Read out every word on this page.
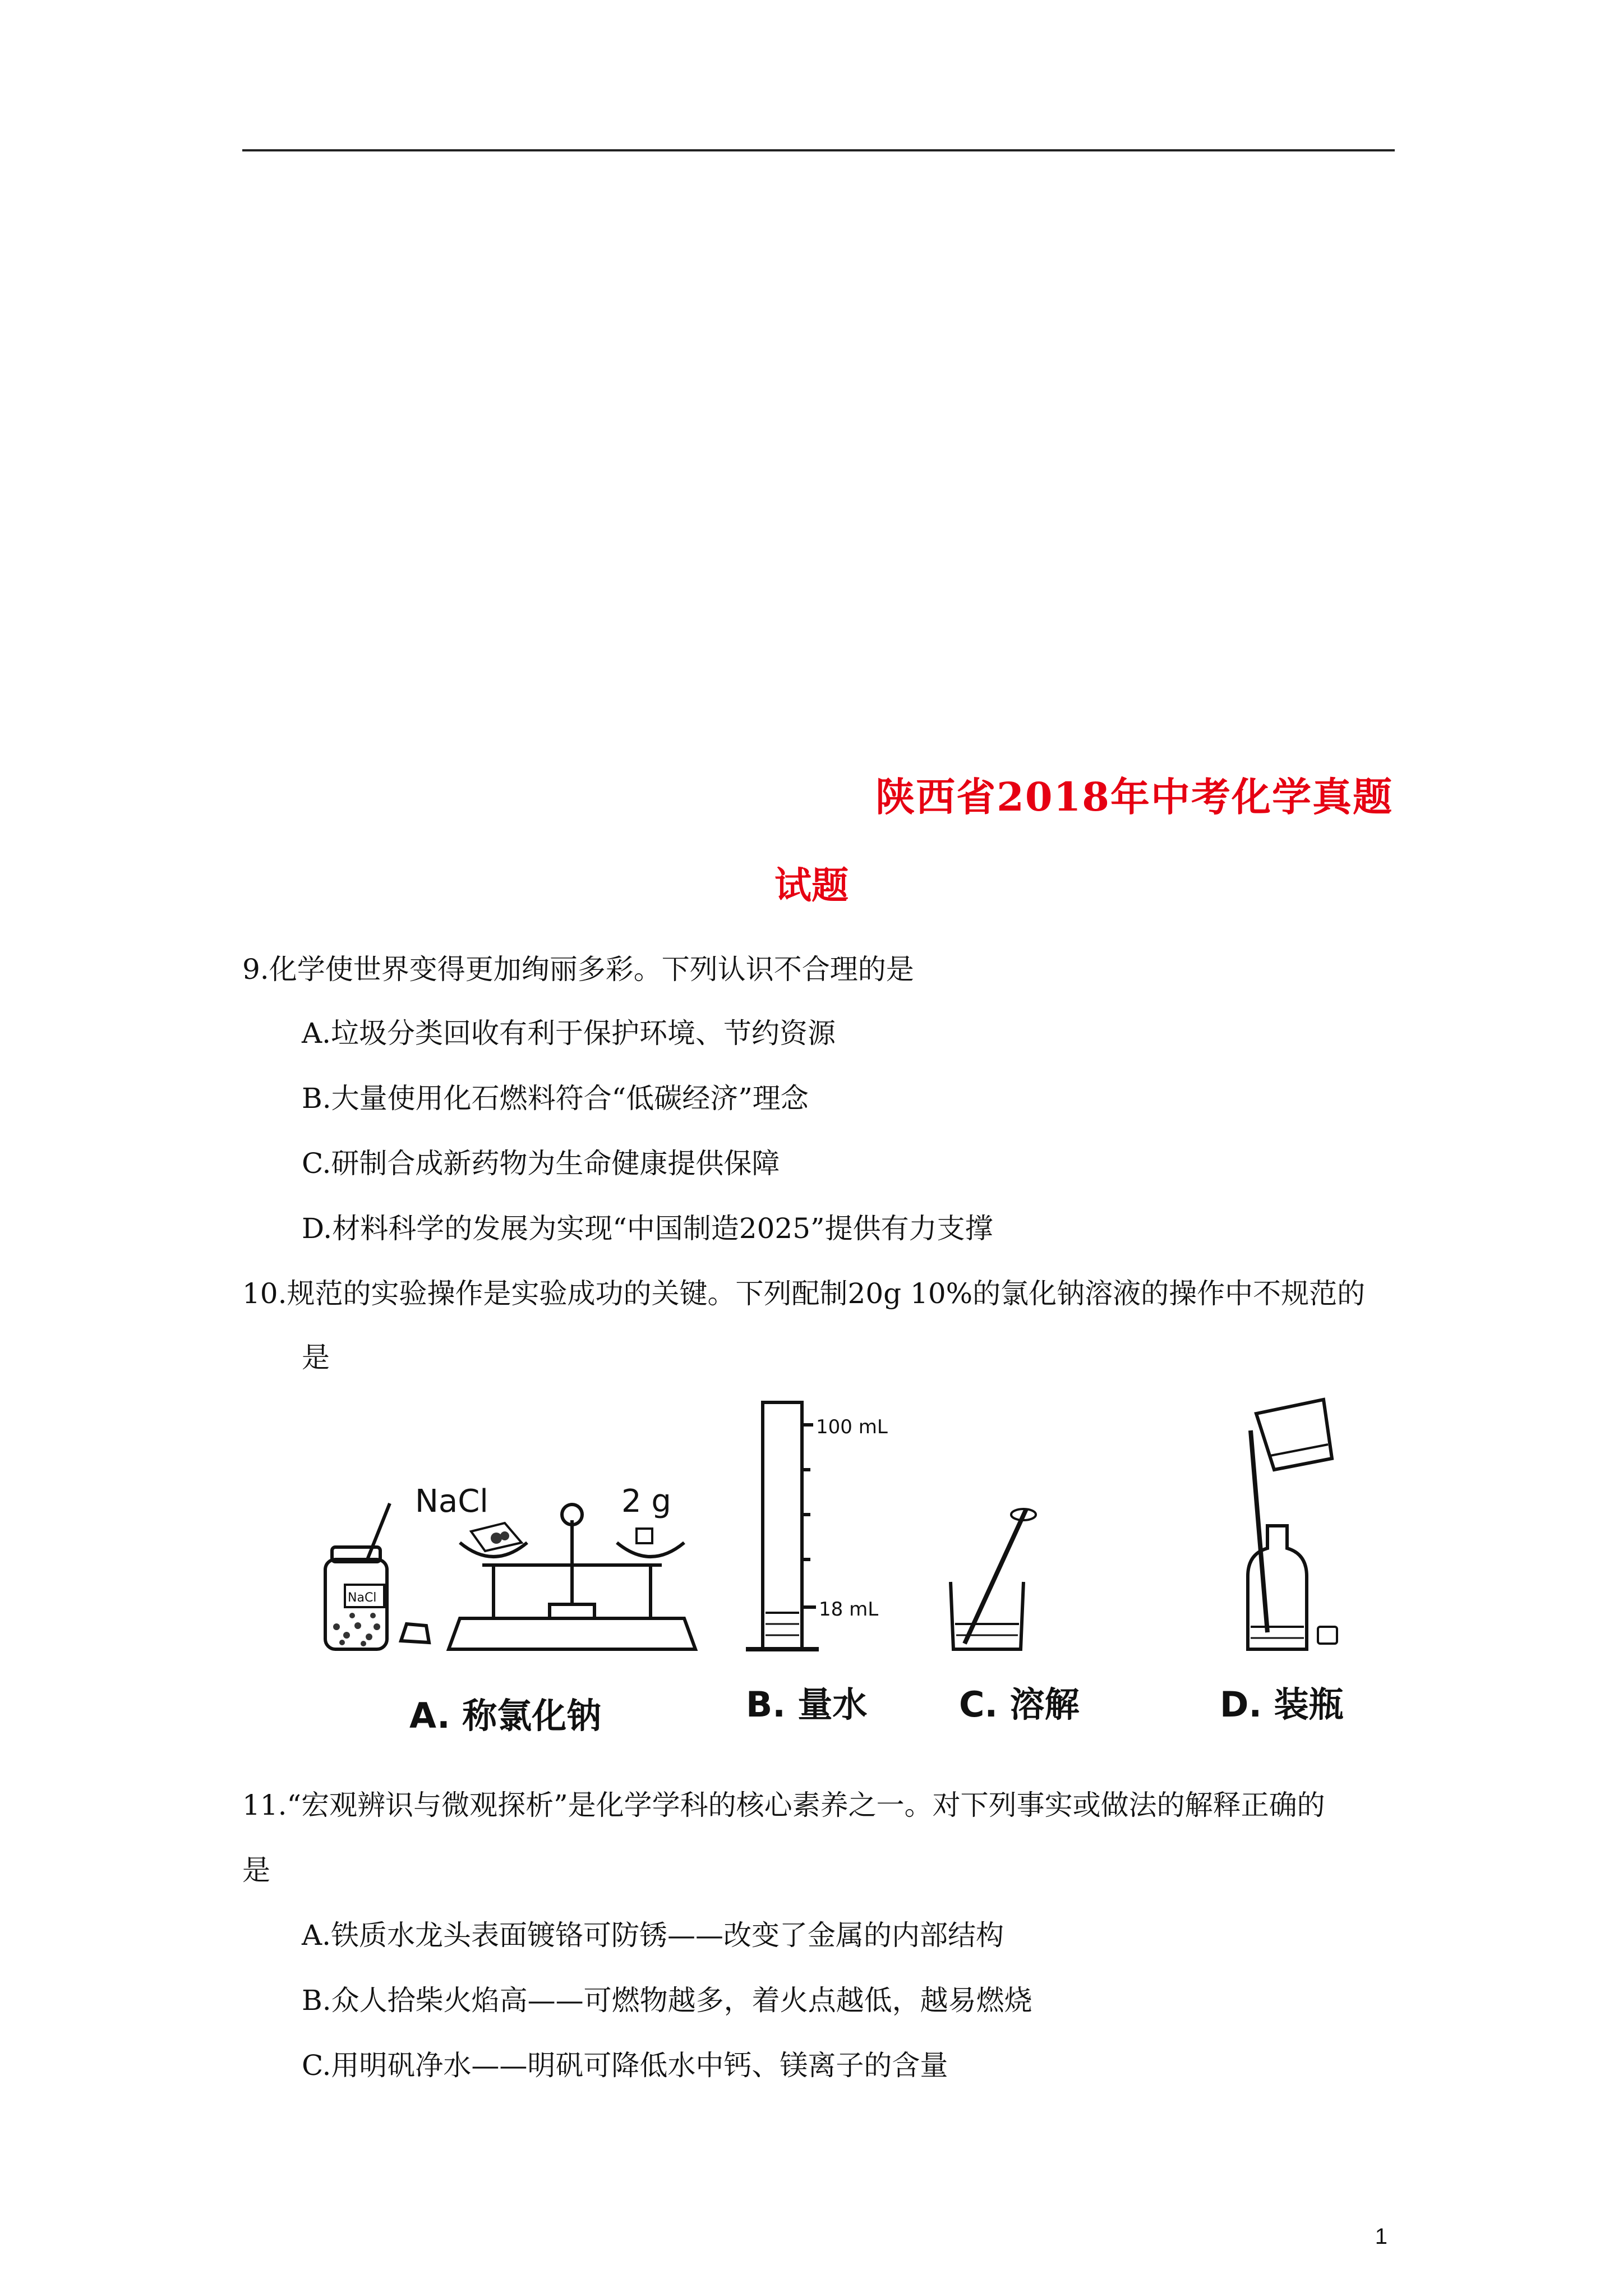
陕西省2018年中考化学真题
试题
9.化学使世界变得更加绚丽多彩。下列认识不合理的是
A.垃圾分类回收有利于保护环境、节约资源
B.大量使用化石燃料符合“低碳经济”理念
C.研制合成新药物为生命健康提供保障
D.材料科学的发展为实现“中国制造2025”提供有力支撑
10.规范的实验操作是实验成功的关键。下列配制20g 10%的氯化钠溶液的操作中不规范的
是
NaCl	2 g
NaCl
100 mL
18 mL
A. 称氯化钠	B. 量水	C. 溶解	D. 装瓶
11.“宏观辨识与微观探析”是化学学科的核心素养之一。对下列事实或做法的解释正确的
是
A.铁质水龙头表面镀铬可防锈——改变了金属的内部结构
B.众人拾柴火焰高——可燃物越多，着火点越低，越易燃烧
C.用明矾净水——明矾可降低水中钙、镁离子的含量
1
